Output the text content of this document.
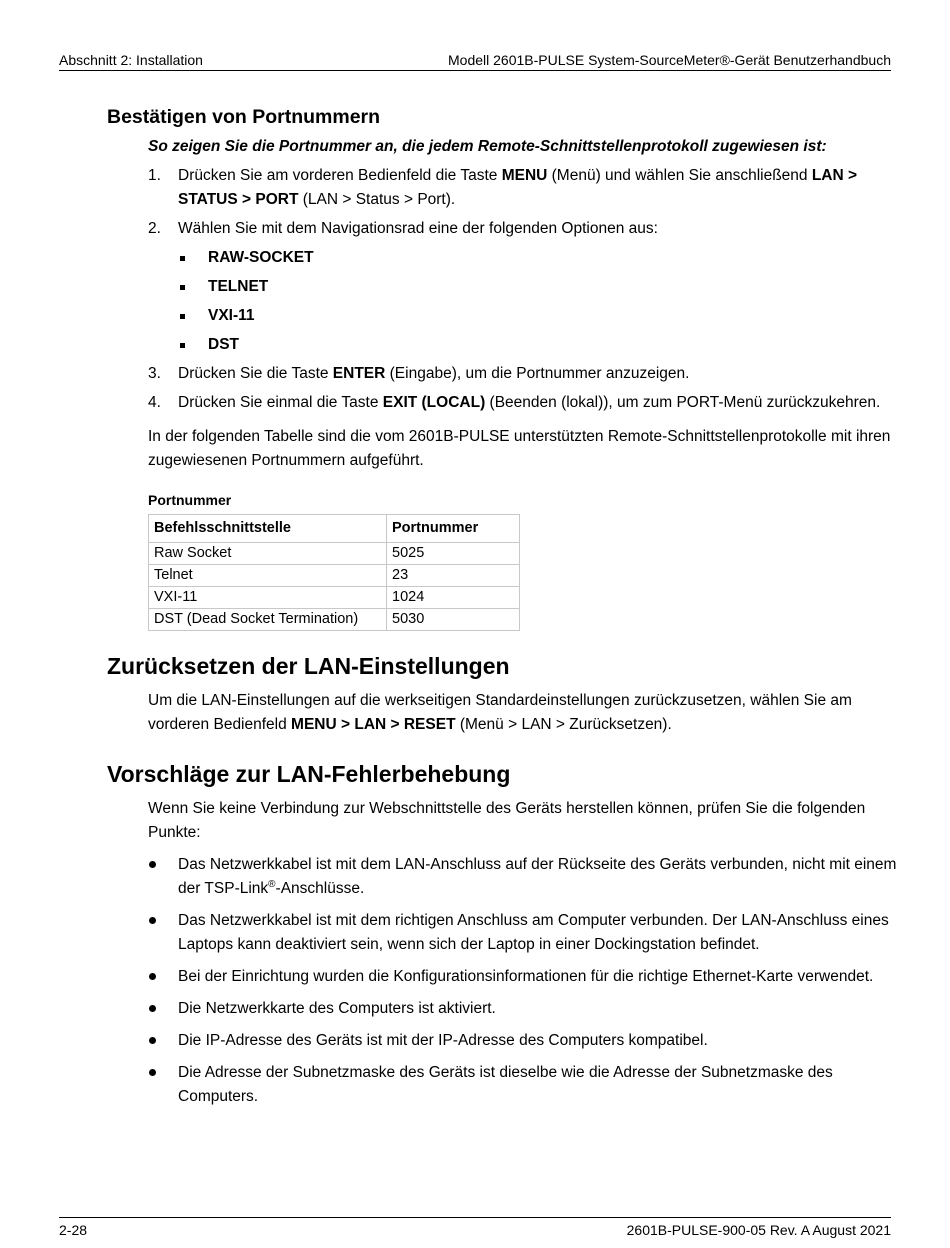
Abschnitt 2: Installation	Modell 2601B-PULSE System-SourceMeter®-Gerät Benutzerhandbuch
Bestätigen von Portnummern

So zeigen Sie die Portnummer an, die jedem Remote-Schnittstellenprotokoll zugewiesen ist:

1. Drücken Sie am vorderen Bedienfeld die Taste MENU (Menü) und wählen Sie anschließend LAN > STATUS > PORT (LAN > Status > Port).
2. Wählen Sie mit dem Navigationsrad eine der folgenden Optionen aus:
RAW-SOCKET
TELNET
VXI-11
DST
3. Drücken Sie die Taste ENTER (Eingabe), um die Portnummer anzuzeigen.
4. Drücken Sie einmal die Taste EXIT (LOCAL) (Beenden (lokal)), um zum PORT-Menü zurückzukehren.

In der folgenden Tabelle sind die vom 2601B-PULSE unterstützten Remote-Schnittstellenprotokolle mit ihren zugewiesenen Portnummern aufgeführt.

Portnummer
Befehlsschnittstelle	Portnummer
Raw Socket	5025
Telnet	23
VXI-11	1024
DST (Dead Socket Termination)	5030
Zurücksetzen der LAN-Einstellungen

Um die LAN-Einstellungen auf die werkseitigen Standardeinstellungen zurückzusetzen, wählen Sie am vorderen Bedienfeld MENU > LAN > RESET (Menü > LAN > Zurücksetzen).

Vorschläge zur LAN-Fehlerbehebung

Wenn Sie keine Verbindung zur Webschnittstelle des Geräts herstellen können, prüfen Sie die folgenden Punkte:

Das Netzwerkkabel ist mit dem LAN-Anschluss auf der Rückseite des Geräts verbunden, nicht mit einem der TSP-Link®-Anschlüsse.
Das Netzwerkkabel ist mit dem richtigen Anschluss am Computer verbunden. Der LAN-Anschluss eines Laptops kann deaktiviert sein, wenn sich der Laptop in einer Dockingstation befindet.
Bei der Einrichtung wurden die Konfigurationsinformationen für die richtige Ethernet-Karte verwendet.
Die Netzwerkkarte des Computers ist aktiviert.
Die IP-Adresse des Geräts ist mit der IP-Adresse des Computers kompatibel.
Die Adresse der Subnetzmaske des Geräts ist dieselbe wie die Adresse der Subnetzmaske des Computers.
2-28	2601B-PULSE-900-05 Rev. A August 2021
